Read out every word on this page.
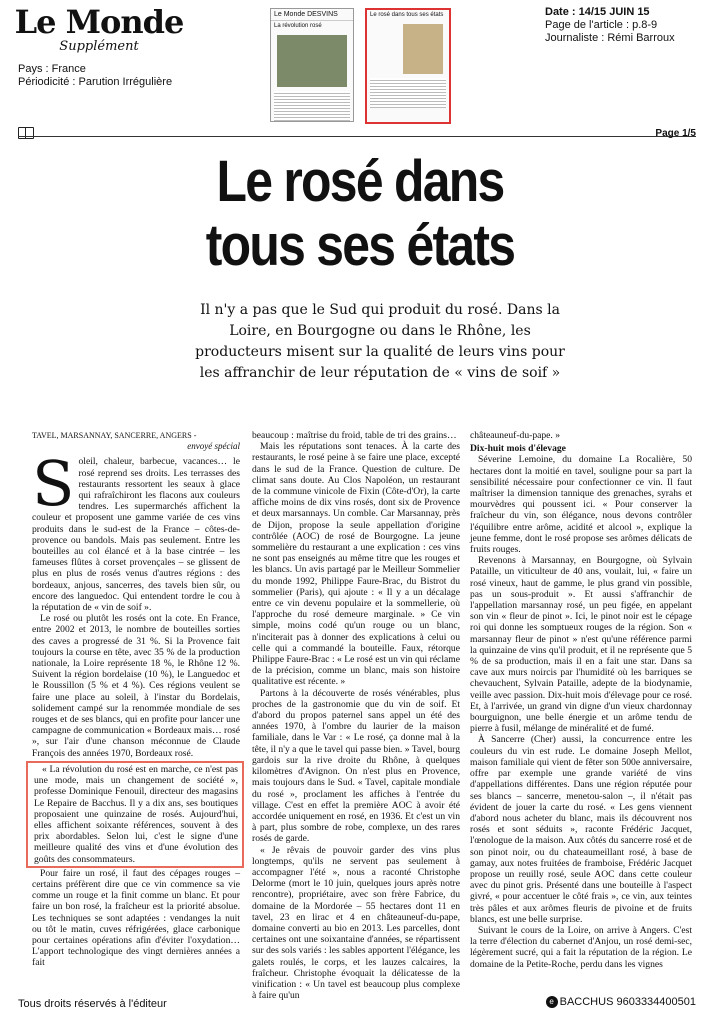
Le Monde
Supplément
Pays : France
Périodicité : Parution Irrégulière
Le Monde DESVINS
La révolution rosé
Le rosé dans tous ses états	Date : 14/15 JUIN 15
Page de l'article : p.8-9
Journaliste : Rémi Barroux
Page 1/5
Le rosé dans
tous ses états
Il n'y a pas que le Sud qui produit du rosé. Dans la Loire, en Bourgogne ou dans le Rhône, les producteurs misent sur la qualité de leurs vins pour les affranchir de leur réputation de « vins de soif »
TAVEL, MARSANNAY, SANCERRE, ANGERS -
envoyé spécial

Soleil, chaleur, barbecue, vacances… le rosé reprend ses droits. Les terrasses des restaurants ressortent les seaux à glace qui rafraîchiront les flacons aux couleurs tendres. Les supermarchés affichent la couleur et proposent une gamme variée de ces vins produits dans le sud-est de la France – côtes-de-provence ou bandols. Mais pas seulement. Entre les bouteilles au col élancé et à la base cintrée – les fameuses flûtes à corset provençales – se glissent de plus en plus de rosés venus d'autres régions : des bordeaux, anjous, sancerres, des tavels bien sûr, ou encore des languedoc. Qui entendent tordre le cou à la réputation de « vin de soif ».

Le rosé ou plutôt les rosés ont la cote. En France, entre 2002 et 2013, le nombre de bouteilles sorties des caves a progressé de 31 %. Si la Provence fait toujours la course en tête, avec 35 % de la production nationale, la Loire représente 18 %, le Rhône 12 %. Suivent la région bordelaise (10 %), le Languedoc et le Roussillon (5 % et 4 %). Ces régions veulent se faire une place au soleil, à l'instar du Bordelais, solidement campé sur la renommée mondiale de ses rouges et de ses blancs, qui en profite pour lancer une campagne de communication « Bordeaux mais… rosé », sur l'air d'une chanson méconnue de Claude François des années 1970, Bordeaux rosé.

« La révolution du rosé est en marche, ce n'est pas une mode, mais un changement de société », professe Dominique Fenouil, directeur des magasins Le Repaire de Bacchus. Il y a dix ans, ses boutiques proposaient une quinzaine de rosés. Aujourd'hui, elles affichent soixante références, souvent à des prix abordables. Selon lui, c'est le signe d'une meilleure qualité des vins et d'une évolution des goûts des consommateurs.

Pour faire un rosé, il faut des cépages rouges – certains préfèrent dire que ce vin commence sa vie comme un rouge et la finit comme un blanc. Et pour faire un bon rosé, la fraîcheur est la priorité absolue. Les techniques se sont adaptées : vendanges la nuit ou tôt le matin, cuves réfrigérées, glace carbonique pour certaines opérations afin d'éviter l'oxydation… L'apport technologique des vingt dernières années a fait

beaucoup : maîtrise du froid, table de tri des grains…

Mais les réputations sont tenaces. À la carte des restaurants, le rosé peine à se faire une place, excepté dans le sud de la France. Question de culture. De climat sans doute. Au Clos Napoléon, un restaurant de la commune vinicole de Fixin (Côte-d'Or), la carte affiche moins de dix vins rosés, dont six de Provence et deux marsannays. Un comble. Car Marsannay, près de Dijon, propose la seule appellation d'origine contrôlée (AOC) de rosé de Bourgogne. La jeune sommelière du restaurant a une explication : ces vins ne sont pas enseignés au même titre que les rouges et les blancs. Un avis partagé par le Meilleur Sommelier du monde 1992, Philippe Faure-Brac, du Bistrot du sommelier (Paris), qui ajoute : « Il y a un décalage entre ce vin devenu populaire et la sommellerie, où l'approche du rosé demeure marginale. » Ce vin simple, moins codé qu'un rouge ou un blanc, n'inciterait pas à donner des explications à celui ou celle qui a commandé la bouteille. Faux, rétorque Philippe Faure-Brac : « Le rosé est un vin qui réclame de la précision, comme un blanc, mais son histoire qualitative est récente. »

Partons à la découverte de rosés vénérables, plus proches de la gastronomie que du vin de soif. Et d'abord du propos paternel sans appel un été des années 1970, à l'ombre du laurier de la maison familiale, dans le Var : « Le rosé, ça donne mal à la tête, il n'y a que le tavel qui passe bien. » Tavel, bourg gardois sur la rive droite du Rhône, à quelques kilomètres d'Avignon. On n'est plus en Provence, mais toujours dans le Sud. « Tavel, capitale mondiale du rosé », proclament les affiches à l'entrée du village. C'est en effet la première AOC à avoir été accordée uniquement en rosé, en 1936. Et c'est un vin à part, plus sombre de robe, complexe, un des rares rosés de garde.

« Je rêvais de pouvoir garder des vins plus longtemps, qu'ils ne servent pas seulement à accompagner l'été », nous a raconté Christophe Delorme (mort le 10 juin, quelques jours après notre rencontre), propriétaire, avec son frère Fabrice, du domaine de la Mordorée – 55 hectares dont 11 en tavel, 23 en lirac et 4 en châteauneuf-du-pape, domaine converti au bio en 2013. Les parcelles, dont certaines ont une soixantaine d'années, se répartissent sur des sols variés : les sables apportent l'élégance, les galets roulés, le corps, et les lauzes calcaires, la fraîcheur. Christophe évoquait la délicatesse de la vinification : « Un tavel est beaucoup plus complexe à faire qu'un

châteauneuf-du-pape. »

Dix-huit mois d'élevage

Séverine Lemoine, du domaine La Rocalière, 50 hectares dont la moitié en tavel, souligne pour sa part la sensibilité nécessaire pour confectionner ce vin. Il faut maîtriser la dimension tannique des grenaches, syrahs et mourvèdres qui poussent ici. « Pour conserver la fraîcheur du vin, son élégance, nous devons contrôler l'équilibre entre arôme, acidité et alcool », explique la jeune femme, dont le rosé propose ses arômes délicats de fruits rouges.

Revenons à Marsannay, en Bourgogne, où Sylvain Pataille, un viticulteur de 40 ans, voulait, lui, « faire un rosé vineux, haut de gamme, le plus grand vin possible, pas un sous-produit ». Et aussi s'affranchir de l'appellation marsannay rosé, un peu figée, en appelant son vin « fleur de pinot ». Ici, le pinot noir est le cépage roi qui donne les somptueux rouges de la région. Son « marsannay fleur de pinot » n'est qu'une référence parmi la quinzaine de vins qu'il produit, et il ne représente que 5 % de sa production, mais il en a fait une star. Dans sa cave aux murs noircis par l'humidité où les barriques se chevauchent, Sylvain Pataille, adepte de la biodynamie, veille avec passion. Dix-huit mois d'élevage pour ce rosé. Et, à l'arrivée, un grand vin digne d'un vieux chardonnay bourguignon, une belle énergie et un arôme tendu de pierre à fusil, mélange de minéralité et de fumé.

À Sancerre (Cher) aussi, la concurrence entre les couleurs du vin est rude. Le domaine Joseph Mellot, maison familiale qui vient de fêter son 500e anniversaire, offre par exemple une grande variété de vins d'appellations différentes. Dans une région réputée pour ses blancs – sancerre, menetou-salon –, il n'était pas évident de jouer la carte du rosé. « Les gens viennent d'abord nous acheter du blanc, mais ils découvrent nos rosés et sont séduits », raconte Frédéric Jacquet, l'œnologue de la maison. Aux côtés du sancerre rosé et de son pinot noir, ou du chateaumeillant rosé, à base de gamay, aux notes fruitées de framboise, Frédéric Jacquet propose un reuilly rosé, seule AOC dans cette couleur avec du pinot gris. Présenté dans une bouteille à l'aspect givré, « pour accentuer le côté frais », ce vin, aux teintes très pâles et aux arômes fleuris de pivoine et de fruits blancs, est une belle surprise.

Suivant le cours de la Loire, on arrive à Angers. C'est la terre d'élection du cabernet d'Anjou, un rosé demi-sec, légèrement sucré, qui a fait la réputation de la région. Le domaine de la Petite-Roche, perdu dans les vignes

Tous droits réservés à l'éditeur	e BACCHUS 9603334400501
